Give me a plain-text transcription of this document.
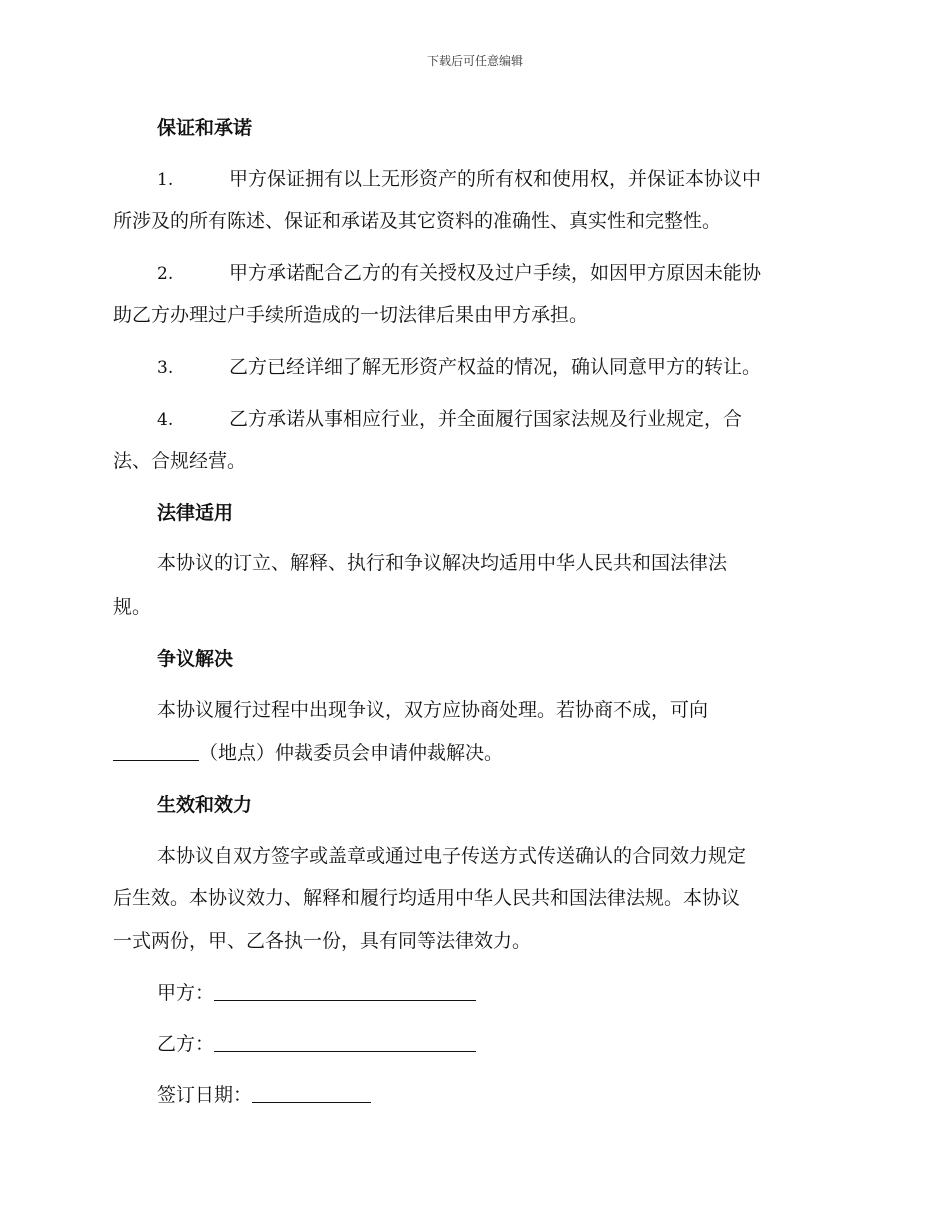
下载后可任意编辑
保证和承诺
1.	甲方保证拥有以上无形资产的所有权和使用权，并保证本协议中
所涉及的所有陈述、保证和承诺及其它资料的准确性、真实性和完整性。
2.	甲方承诺配合乙方的有关授权及过户手续，如因甲方原因未能协
助乙方办理过户手续所造成的一切法律后果由甲方承担。
3.	乙方已经详细了解无形资产权益的情况，确认同意甲方的转让。
4.	乙方承诺从事相应行业，并全面履行国家法规及行业规定，合
法、合规经营。
法律适用
本协议的订立、解释、执行和争议解决均适用中华人民共和国法律法
规。
争议解决
本协议履行过程中出现争议，双方应协商处理。若协商不成，可向
（地点）仲裁委员会申请仲裁解决。
生效和效力
本协议自双方签字或盖章或通过电子传送方式传送确认的合同效力规定
后生效。本协议效力、解释和履行均适用中华人民共和国法律法规。本协议
一式两份，甲、乙各执一份，具有同等法律效力。
甲方：
乙方：
签订日期：
